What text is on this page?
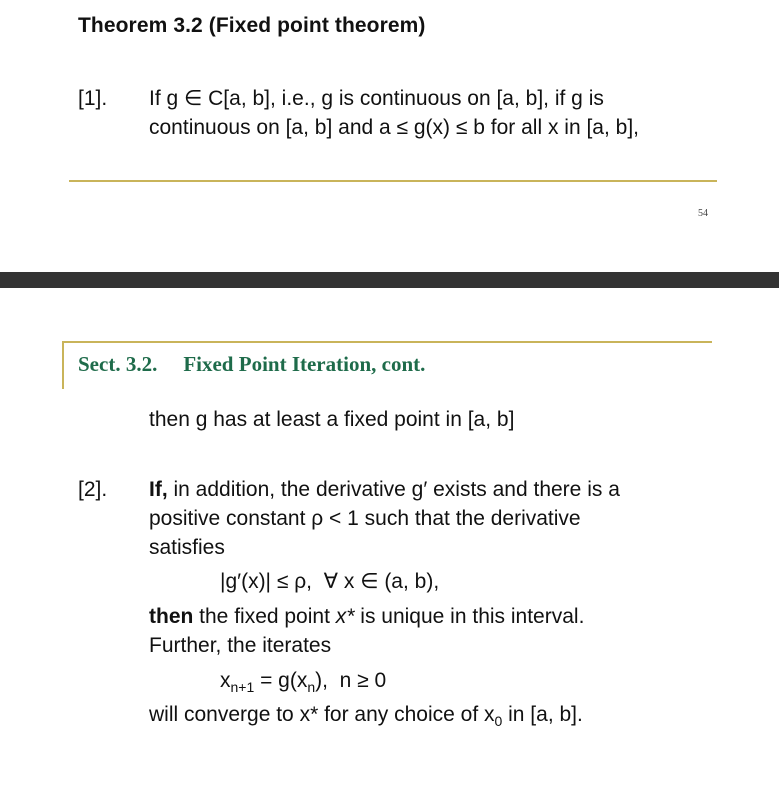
Theorem 3.2 (Fixed point theorem)
[1]. If g ∈ C[a, b], i.e., g is continuous on [a, b], if g is
continuous on [a, b] and a ≤ g(x) ≤ b for all x in [a, b],
54
Sect. 3.2. Fixed Point Iteration, cont.
then g has at least a fixed point in [a, b]
[2]. If, in addition, the derivative g′ exists and there is a
positive constant ρ < 1 such that the derivative
satisfies
|g′(x)| ≤ ρ,  ∀ x ∈ (a, b),
then the fixed point x* is unique in this interval.
Further, the iterates
$x_{n+1} = g(x_n)$,  n ≥ 0
will converge to x* for any choice of $x_0$ in [a, b].
